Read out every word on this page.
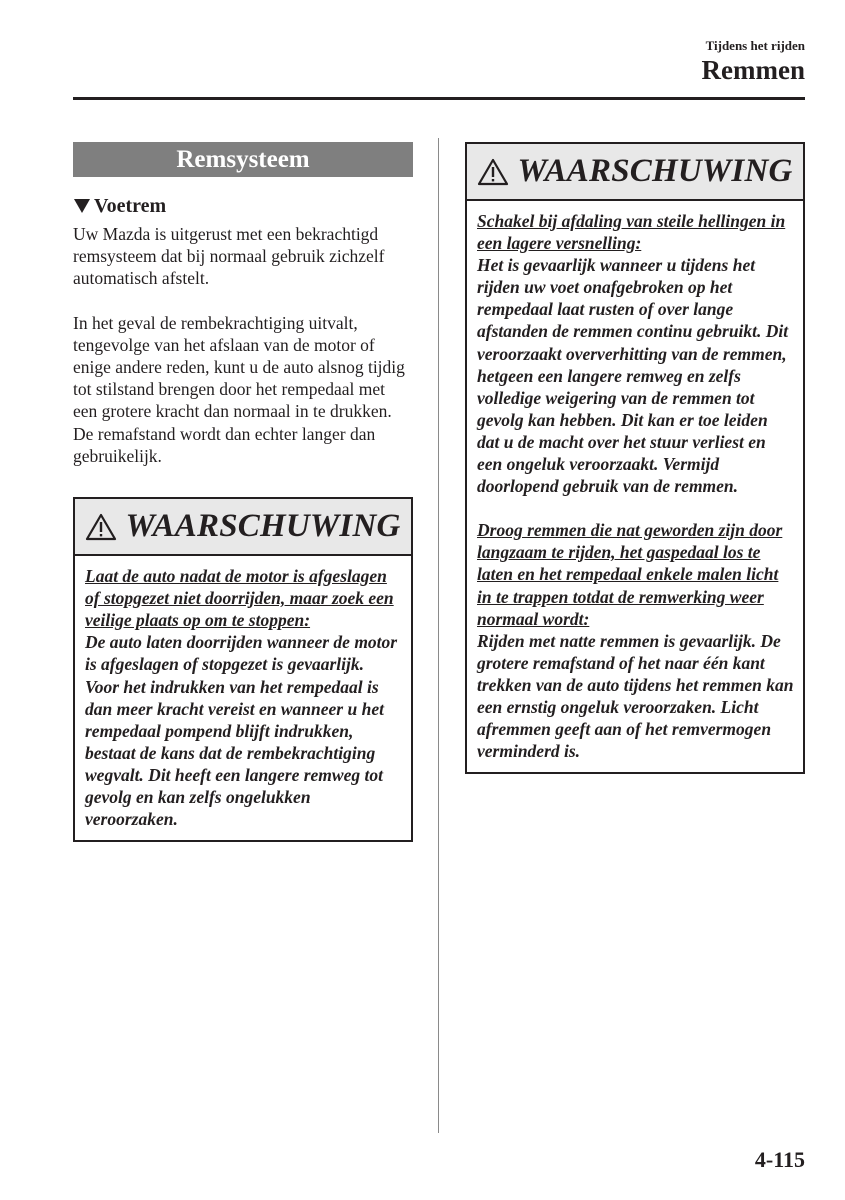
Tijdens het rijden
Remmen
Remsysteem
Voetrem

Uw Mazda is uitgerust met een bekrachtigd remsysteem dat bij normaal gebruik zichzelf automatisch afstelt.

In het geval de rembekrachtiging uitvalt, tengevolge van het afslaan van de motor of enige andere reden, kunt u de auto alsnog tijdig tot stilstand brengen door het rempedaal met een grotere kracht dan normaal in te drukken. De remafstand wordt dan echter langer dan gebruikelijk.

WAARSCHUWING

Laat de auto nadat de motor is afgeslagen of stopgezet niet doorrijden, maar zoek een veilige plaats op om te stoppen:

De auto laten doorrijden wanneer de motor is afgeslagen of stopgezet is gevaarlijk. Voor het indrukken van het rempedaal is dan meer kracht vereist en wanneer u het rempedaal pompend blijft indrukken, bestaat de kans dat de rembekrachtiging wegvalt. Dit heeft een langere remweg tot gevolg en kan zelfs ongelukken veroorzaken.

WAARSCHUWING

Schakel bij afdaling van steile hellingen in een lagere versnelling:

Het is gevaarlijk wanneer u tijdens het rijden uw voet onafgebroken op het rempedaal laat rusten of over lange afstanden de remmen continu gebruikt. Dit veroorzaakt oververhitting van de remmen, hetgeen een langere remweg en zelfs volledige weigering van de remmen tot gevolg kan hebben. Dit kan er toe leiden dat u de macht over het stuur verliest en een ongeluk veroorzaakt. Vermijd doorlopend gebruik van de remmen.

Droog remmen die nat geworden zijn door langzaam te rijden, het gaspedaal los te laten en het rempedaal enkele malen licht in te trappen totdat de remwerking weer normaal wordt:

Rijden met natte remmen is gevaarlijk. De grotere remafstand of het naar één kant trekken van de auto tijdens het remmen kan een ernstig ongeluk veroorzaken. Licht afremmen geeft aan of het remvermogen verminderd is.

4-115
